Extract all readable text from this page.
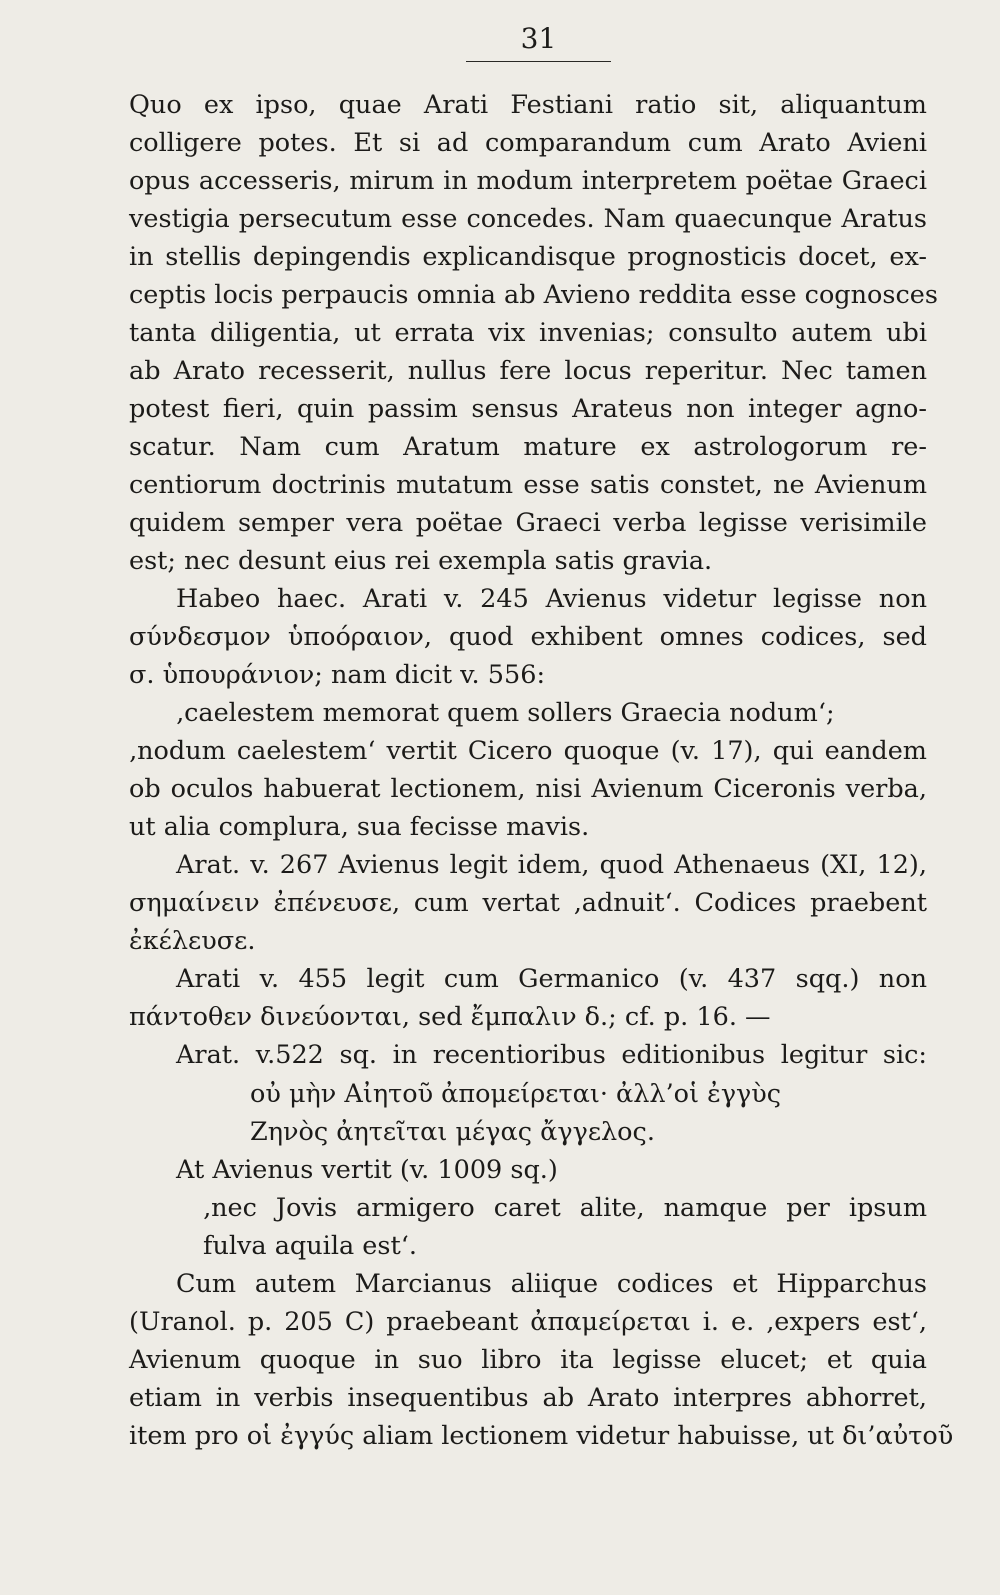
31
Quo ex ipso, quae Arati Festiani ratio sit, aliquantum
colligere potes. Et si ad comparandum cum Arato Avieni
opus accesseris, mirum in modum interpretem poëtae Graeci
vestigia persecutum esse concedes. Nam quaecunque Aratus
in stellis depingendis explicandisque prognosticis docet, ex-
ceptis locis perpaucis omnia ab Avieno reddita esse cognosces
tanta diligentia, ut errata vix invenias; consulto autem ubi
ab Arato recesserit, nullus fere locus reperitur. Nec tamen
potest fieri, quin passim sensus Arateus non integer agno-
scatur. Nam cum Aratum mature ex astrologorum re-
centiorum doctrinis mutatum esse satis constet, ne Avienum
quidem semper vera poëtae Graeci verba legisse verisimile
est; nec desunt eius rei exempla satis gravia.
Habeo haec. Arati v. 245 Avienus videtur legisse non
σύνδεσμον ὑποόραιον, quod exhibent omnes codices, sed
σ. ὑπουράνιον; nam dicit v. 556:
‚caelestem memorat quem sollers Graecia nodum‘;
‚nodum caelestem‘ vertit Cicero quoque (v. 17), qui eandem
ob oculos habuerat lectionem, nisi Avienum Ciceronis verba,
ut alia complura, sua fecisse mavis.
Arat. v. 267 Avienus legit idem, quod Athenaeus (XI, 12),
σημαίνειν ἐπένευσε, cum vertat ‚adnuit‘. Codices praebent
ἐκέλευσε.
Arati v. 455 legit cum Germanico (v. 437 sqq.) non
πάντοθεν δινεύονται, sed ἔμπαλιν δ.; cf. p. 16. —
Arat. v.522 sq. in recentioribus editionibus legitur sic:
οὐ μὴν Αἰητοῦ ἀπομείρεται· ἀλλ’οἱ ἐγγὺς
Ζηνὸς ἀητεῖται μέγας ἄγγελος.
At Avienus vertit (v. 1009 sq.)
‚nec Jovis armigero caret alite, namque per ipsum
fulva aquila est‘.
Cum autem Marcianus aliique codices et Hipparchus
(Uranol. p. 205 C) praebeant ἀπαμείρεται i. e. ‚expers est‘,
Avienum quoque in suo libro ita legisse elucet; et quia
etiam in verbis insequentibus ab Arato interpres abhorret,
item pro οἱ ἐγγύς aliam lectionem videtur habuisse, ut δι’αὐτοῦ
